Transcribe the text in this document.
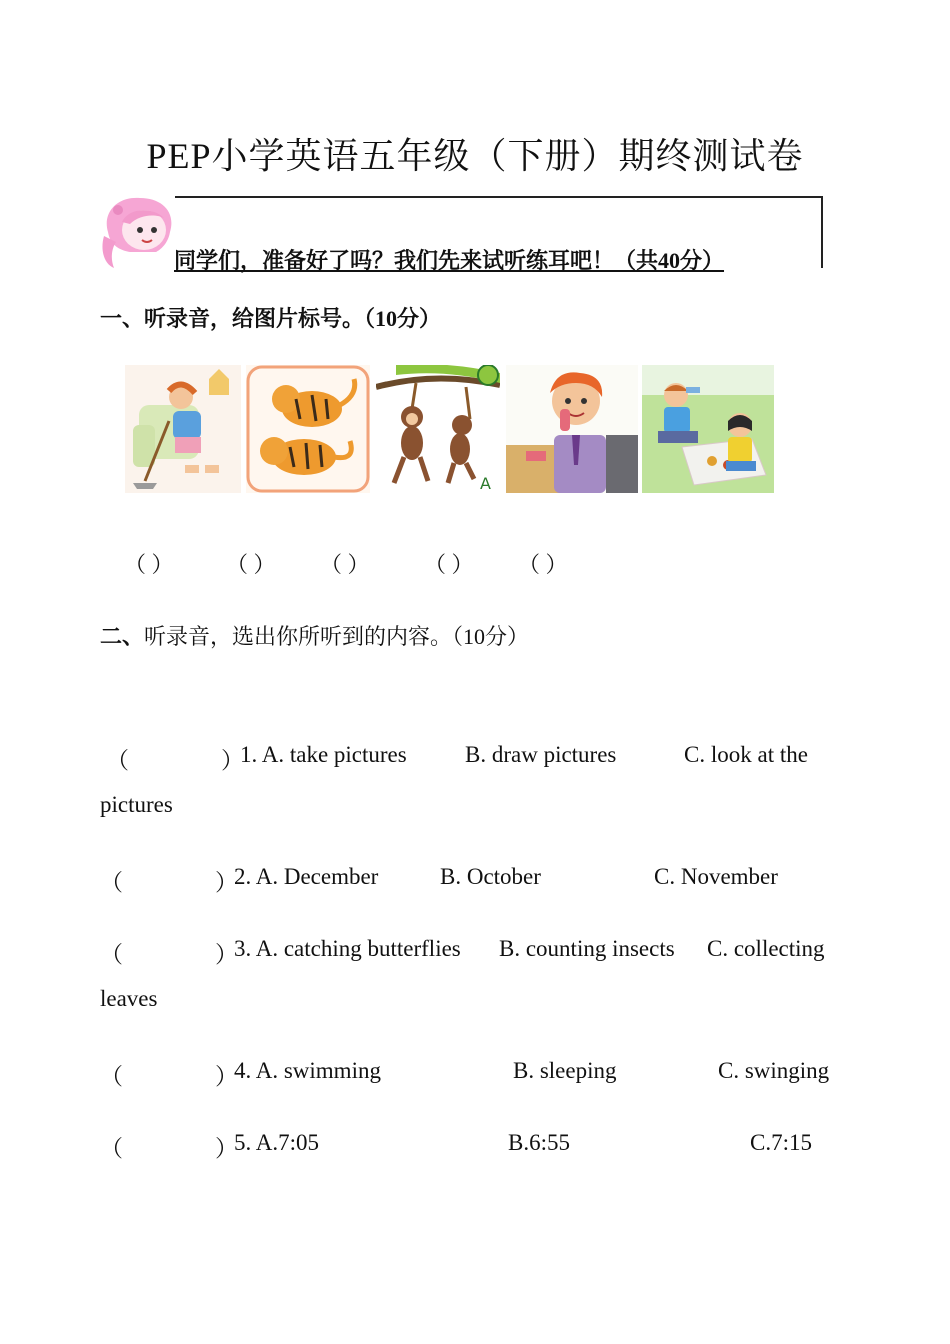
PEP小学英语五年级（下册）期终测试卷
同学们，准备好了吗？我们先来试听练耳吧！（共40分）
一、听录音，给图片标号。（10分）
A
（ ） （ ） （ ） （ ） （ ）
二、听录音，选出你所听到的内容。（10分）
（　　　　）
1. A. take pictures	B. draw pictures	C. look at the
pictures
（　　　　）
2. A. December	B. October	C. November
（　　　　）
3. A. catching butterflies B. counting insects C. collecting
leaves
（　　　　）
4. A. swimming	B. sleeping	C. swinging
（　　　　）
5. A.7:05	B.6:55	C.7:15
